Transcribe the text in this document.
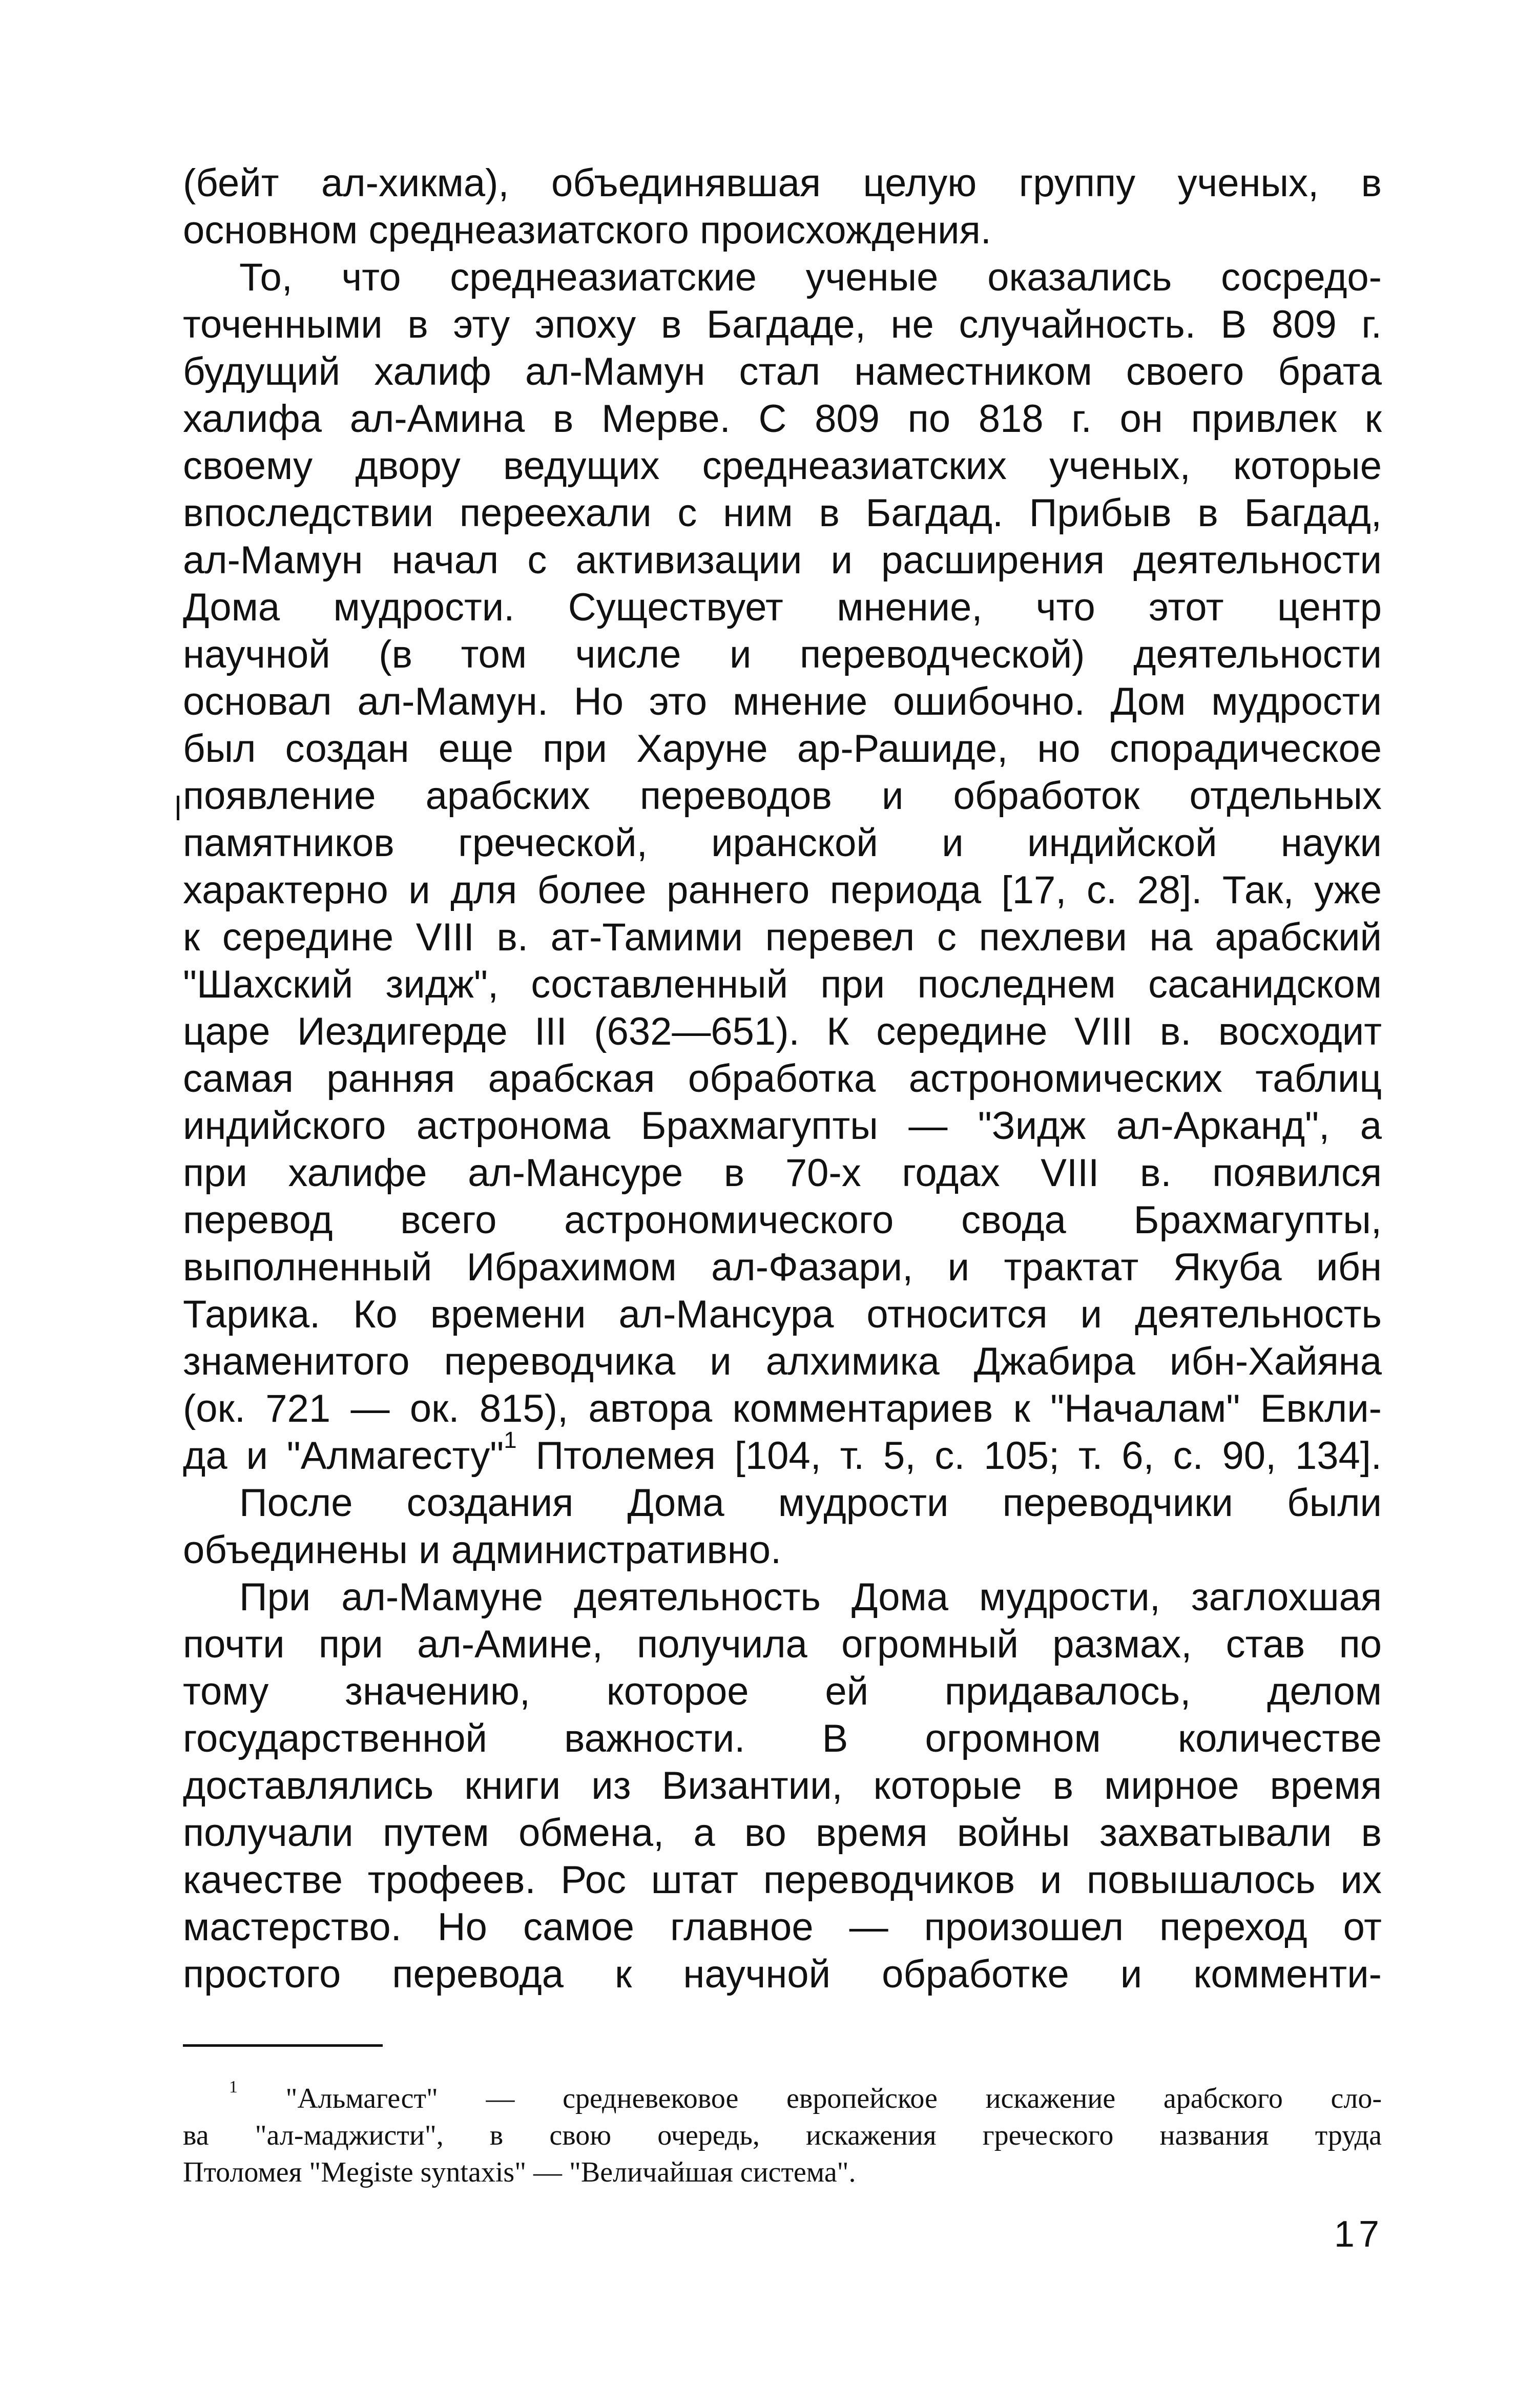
(бейт ал-хикма), объединявшая целую группу ученых, в
основном среднеазиатского происхождения.

То, что среднеазиатские ученые оказались сосредо-
точенными в эту эпоху в Багдаде, не случайность. В 809 г.
будущий халиф ал-Мамун стал наместником своего брата
халифа ал-Амина в Мерве. С 809 по 818 г. он привлек к
своему двору ведущих среднеазиатских ученых, которые
впоследствии переехали с ним в Багдад. Прибыв в Багдад,
ал-Мамун начал с активизации и расширения деятельности
Дома мудрости. Существует мнение, что этот центр
научной (в том числе и переводческой) деятельности
основал ал-Мамун. Но это мнение ошибочно. Дом мудрости
был создан еще при Харуне ар-Рашиде, но спорадическое
появление арабских переводов и обработок отдельных
памятников греческой, иранской и индийской науки
характерно и для более раннего периода [17, с. 28]. Так, уже
к середине VIII в. ат-Тамими перевел с пехлеви на арабский
"Шахский зидж", составленный при последнем сасанидском
царе Иездигерде III (632—651). К середине VIII в. восходит
самая ранняя арабская обработка астрономических таблиц
индийского астронома Брахмагупты — "Зидж ал-Арканд", а
при халифе ал-Мансуре в 70-х годах VIII в. появился
перевод всего астрономического свода Брахмагупты,
выполненный Ибрахимом ал-Фазари, и трактат Якуба ибн
Тарика. Ко времени ал-Мансура относится и деятельность
знаменитого переводчика и алхимика Джабира ибн-Хайяна
(ок. 721 — ок. 815), автора комментариев к "Началам" Евкли-
да и "Алмагесту"$^1$ Птолемея [104, т. 5, с. 105; т. 6, с. 90, 134].

После создания Дома мудрости переводчики были
объединены и административно.

При ал-Мамуне деятельность Дома мудрости, заглохшая
почти при ал-Амине, получила огромный размах, став по
тому значению, которое ей придавалось, делом
государственной важности. В огромном количестве
доставлялись книги из Византии, которые в мирное время
получали путем обмена, а во время войны захватывали в
качестве трофеев. Рос штат переводчиков и повышалось их
мастерство. Но самое главное — произошел переход от
простого перевода к научной обработке и комменти-

$^1$ "Альмагест" — средневековое европейское искажение арабского сло-
ва "ал-маджисти", в свою очередь, искажения греческого названия труда
Птоломея "Megiste syntaxis" — "Величайшая система".
17
